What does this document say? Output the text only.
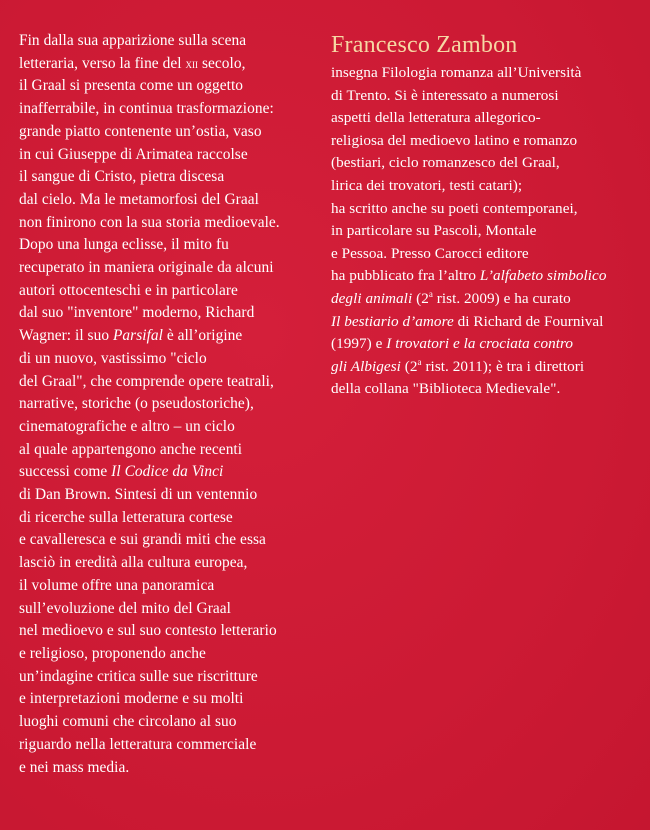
Fin dalla sua apparizione sulla scena
letteraria, verso la fine del xii secolo,
il Graal si presenta come un oggetto
inafferrabile, in continua trasformazione:
grande piatto contenente un’ostia, vaso
in cui Giuseppe di Arimatea raccolse
il sangue di Cristo, pietra discesa
dal cielo. Ma le metamorfosi del Graal
non finirono con la sua storia medioevale.
Dopo una lunga eclisse, il mito fu
recuperato in maniera originale da alcuni
autori ottocenteschi e in particolare
dal suo "inventore" moderno, Richard
Wagner: il suo Parsifal è all’origine
di un nuovo, vastissimo "ciclo
del Graal", che comprende opere teatrali,
narrative, storiche (o pseudostoriche),
cinematografiche e altro – un ciclo
al quale appartengono anche recenti
successi come Il Codice da Vinci
di Dan Brown. Sintesi di un ventennio
di ricerche sulla letteratura cortese
e cavalleresca e sui grandi miti che essa
lasciò in eredità alla cultura europea,
il volume offre una panoramica
sull’evoluzione del mito del Graal
nel medioevo e sul suo contesto letterario
e religioso, proponendo anche
un’indagine critica sulle sue riscritture
e interpretazioni moderne e su molti
luoghi comuni che circolano al suo
riguardo nella letteratura commerciale
e nei mass media.
Francesco Zambon
insegna Filologia romanza all’Università
di Trento. Si è interessato a numerosi
aspetti della letteratura allegorico-
religiosa del medioevo latino e romanzo
(bestiari, ciclo romanzesco del Graal,
lirica dei trovatori, testi catari);
ha scritto anche su poeti contemporanei,
in particolare su Pascoli, Montale
e Pessoa. Presso Carocci editore
ha pubblicato fra l’altro L’alfabeto simbolico
degli animali (2$^a$ rist. 2009) e ha curato
Il bestiario d’amore di Richard de Fournival
(1997) e I trovatori e la crociata contro
gli Albigesi (2$^a$ rist. 2011); è tra i direttori
della collana "Biblioteca Medievale".
